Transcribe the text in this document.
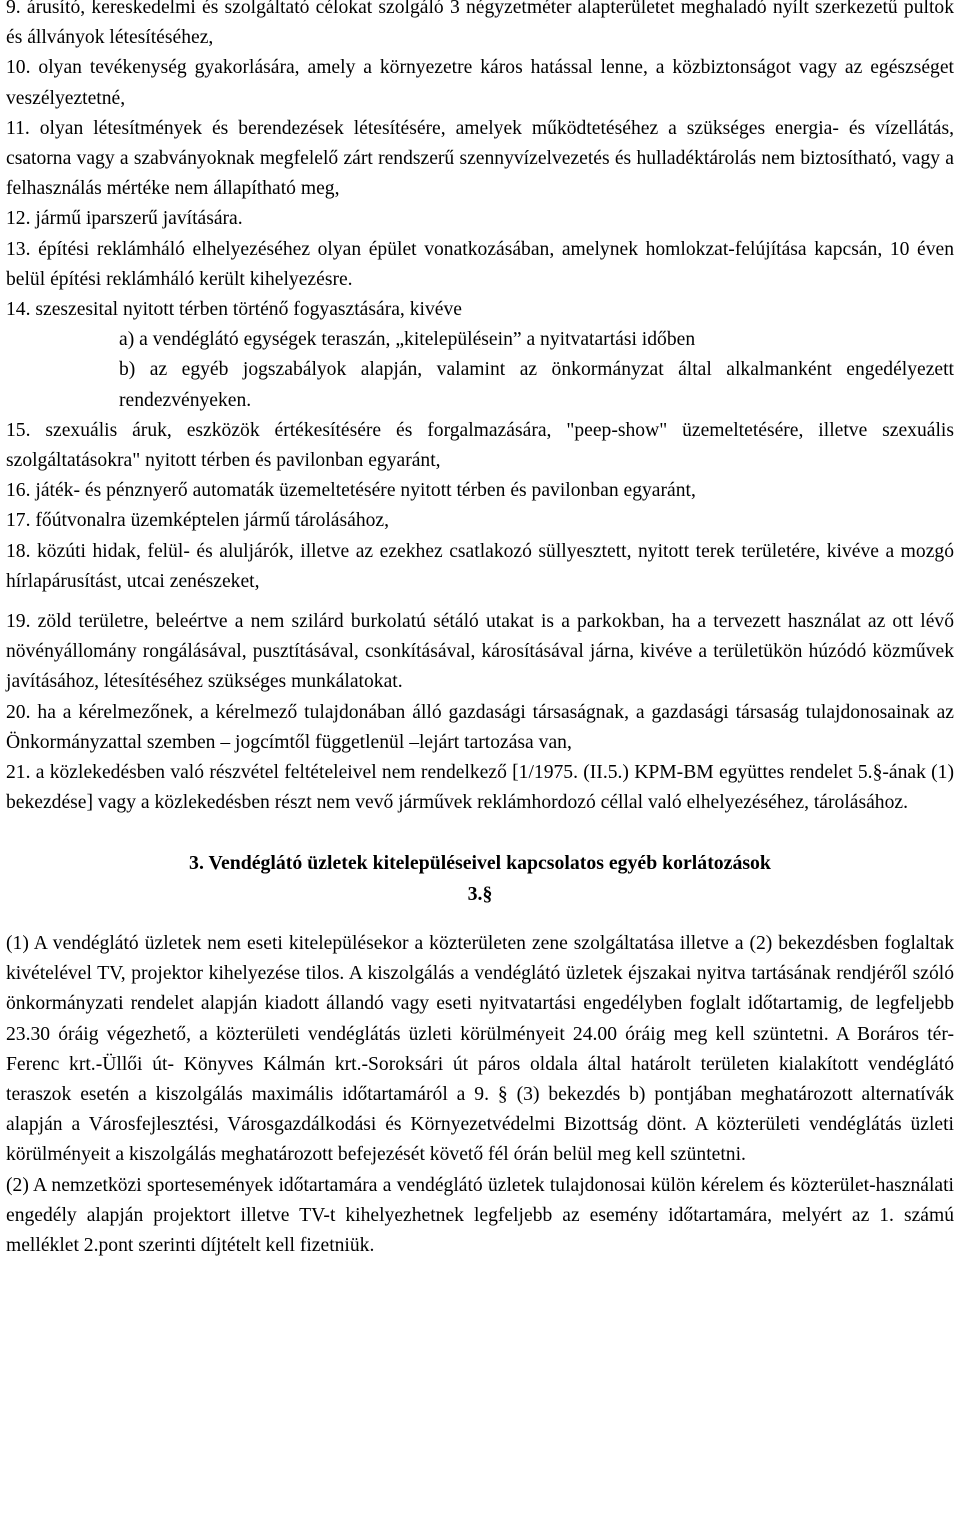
9. árusító, kereskedelmi és szolgáltató célokat szolgáló 3 négyzetméter alapterületet meghaladó nyílt szerkezetű pultok és állványok létesítéséhez,

10. olyan tevékenység gyakorlására, amely a környezetre káros hatással lenne, a közbiztonságot vagy az egészséget veszélyeztetné,

11. olyan létesítmények és berendezések létesítésére, amelyek működtetéséhez a szükséges energia- és vízellátás, csatorna vagy a szabványoknak megfelelő zárt rendszerű szennyvízelvezetés és hulladéktárolás nem biztosítható, vagy a felhasználás mértéke nem állapítható meg,

12. jármű iparszerű javítására.

13. építési reklámháló elhelyezéséhez olyan épület vonatkozásában, amelynek homlokzat-felújítása kapcsán, 10 éven belül építési reklámháló került kihelyezésre.

14. szeszesital nyitott térben történő fogyasztására, kivéve

a) a vendéglátó egységek teraszán, „kitelepülésein” a nyitvatartási időben

b) az egyéb jogszabályok alapján, valamint az önkormányzat által alkalmanként engedélyezett rendezvényeken.

15. szexuális áruk, eszközök értékesítésére és forgalmazására, "peep-show" üzemeltetésére, illetve szexuális szolgáltatásokra" nyitott térben és pavilonban egyaránt,

16. játék- és pénznyerő automaták üzemeltetésére nyitott térben és pavilonban egyaránt,

17. főútvonalra üzemképtelen jármű tárolásához,

18. közúti hidak, felül- és aluljárók, illetve az ezekhez csatlakozó süllyesztett, nyitott terek területére, kivéve a mozgó hírlapárusítást, utcai zenészeket,

19. zöld területre, beleértve a nem szilárd burkolatú sétáló utakat is a parkokban, ha a tervezett használat az ott lévő növényállomány rongálásával, pusztításával, csonkításával, károsításával járna, kivéve a területükön húzódó közművek javításához, létesítéséhez szükséges munkálatokat.

20. ha a kérelmezőnek, a kérelmező tulajdonában álló gazdasági társaságnak, a gazdasági társaság tulajdonosainak az Önkormányzattal szemben – jogcímtől függetlenül –lejárt tartozása van,

21. a közlekedésben való részvétel feltételeivel nem rendelkező [1/1975. (II.5.) KPM-BM együttes rendelet 5.§-ának (1) bekezdése] vagy a közlekedésben részt nem vevő járművek reklámhordozó céllal való elhelyezéséhez, tárolásához.

3. Vendéglátó üzletek kitelepüléseivel kapcsolatos egyéb korlátozások

3.§

(1) A vendéglátó üzletek nem eseti kitelepülésekor a közterületen zene szolgáltatása illetve a (2) bekezdésben foglaltak kivételével TV, projektor kihelyezése tilos. A kiszolgálás a vendéglátó üzletek éjszakai nyitva tartásának rendjéről szóló önkormányzati rendelet alapján kiadott állandó vagy eseti nyitvatartási engedélyben foglalt időtartamig, de legfeljebb 23.30 óráig végezhető, a közterületi vendéglátás üzleti körülményeit 24.00 óráig meg kell szüntetni. A Boráros tér-Ferenc krt.-Üllői út- Könyves Kálmán krt.-Soroksári út páros oldala által határolt területen kialakított vendéglátó teraszok esetén a kiszolgálás maximális időtartamáról a 9. § (3) bekezdés b) pontjában meghatározott alternatívák alapján a Városfejlesztési, Városgazdálkodási és Környezetvédelmi Bizottság dönt. A közterületi vendéglátás üzleti körülményeit a kiszolgálás meghatározott befejezését követő fél órán belül meg kell szüntetni.

(2) A nemzetközi sportesemények időtartamára a vendéglátó üzletek tulajdonosai külön kérelem és közterület-használati engedély alapján projektort illetve TV-t kihelyezhetnek legfeljebb az esemény időtartamára, melyért az 1. számú melléklet 2.pont szerinti díjtételt kell fizetniük.
